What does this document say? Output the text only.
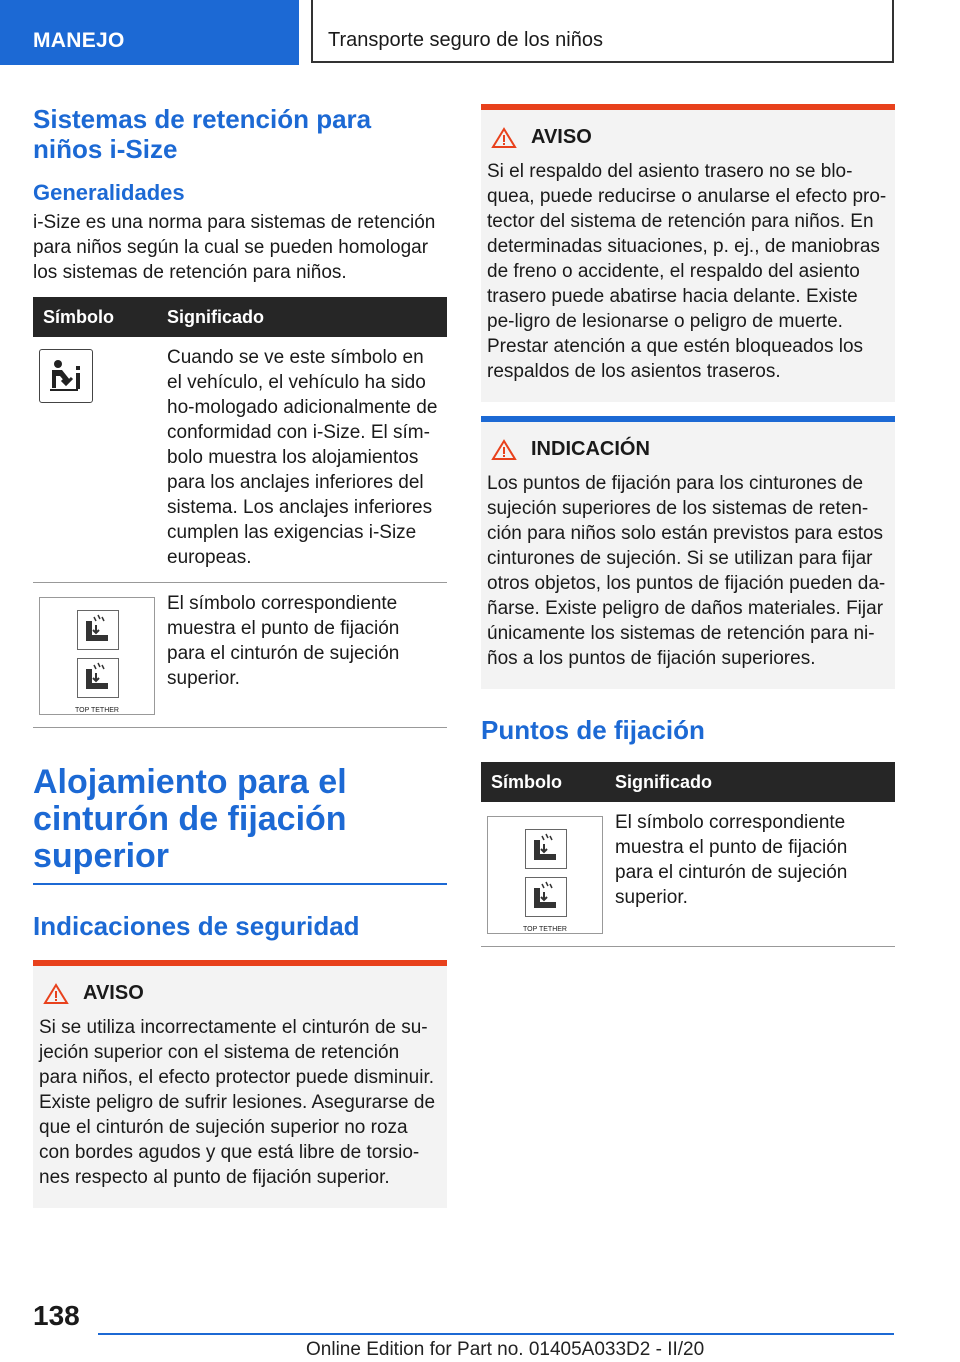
MANEJO	Transporte seguro de los niños
Sistemas de retención para niños i-Size
Generalidades

i-Size es una norma para sistemas de retención para niños según la cual se pueden homologar los sistemas de retención para niños.

Símbolo	Significado

	Cuando se ve este símbolo en el vehículo, el vehículo ha sido ho-mologado adicionalmente de conformidad con i-Size. El sím-bolo muestra los alojamientos para los anclajes inferiores del sistema. Los anclajes inferiores cumplen las exigencias i-Size europeas.

TOP TETHER	El símbolo correspondiente muestra el punto de fijación para el cinturón de sujeción superior.
Alojamiento para el cinturón de fijación superior
Indicaciones de seguridad
AVISO

Si se utiliza incorrectamente el cinturón de su-jeción superior con el sistema de retención para niños, el efecto protector puede disminuir. Existe peligro de sufrir lesiones. Asegurarse de que el cinturón de sujeción superior no roza con bordes agudos y que está libre de torsio-nes respecto al punto de fijación superior.

AVISO

Si el respaldo del asiento trasero no se blo-quea, puede reducirse o anularse el efecto pro-tector del sistema de retención para niños. En determinadas situaciones, p. ej., de maniobras de freno o accidente, el respaldo del asiento trasero puede abatirse hacia delante. Existe pe-ligro de lesionarse o peligro de muerte. Prestar atención a que estén bloqueados los respaldos de los asientos traseros.

INDICACIÓN

Los puntos de fijación para los cinturones de sujeción superiores de los sistemas de reten-ción para niños solo están previstos para estos cinturones de sujeción. Si se utilizan para fijar otros objetos, los puntos de fijación pueden da-ñarse. Existe peligro de daños materiales. Fijar únicamente los sistemas de retención para ni-ños a los puntos de fijación superiores.

Puntos de fijación
Símbolo	Significado

TOP TETHER	El símbolo correspondiente muestra el punto de fijación para el cinturón de sujeción superior.
138
Online Edition for Part no. 01405A033D2 - II/20
